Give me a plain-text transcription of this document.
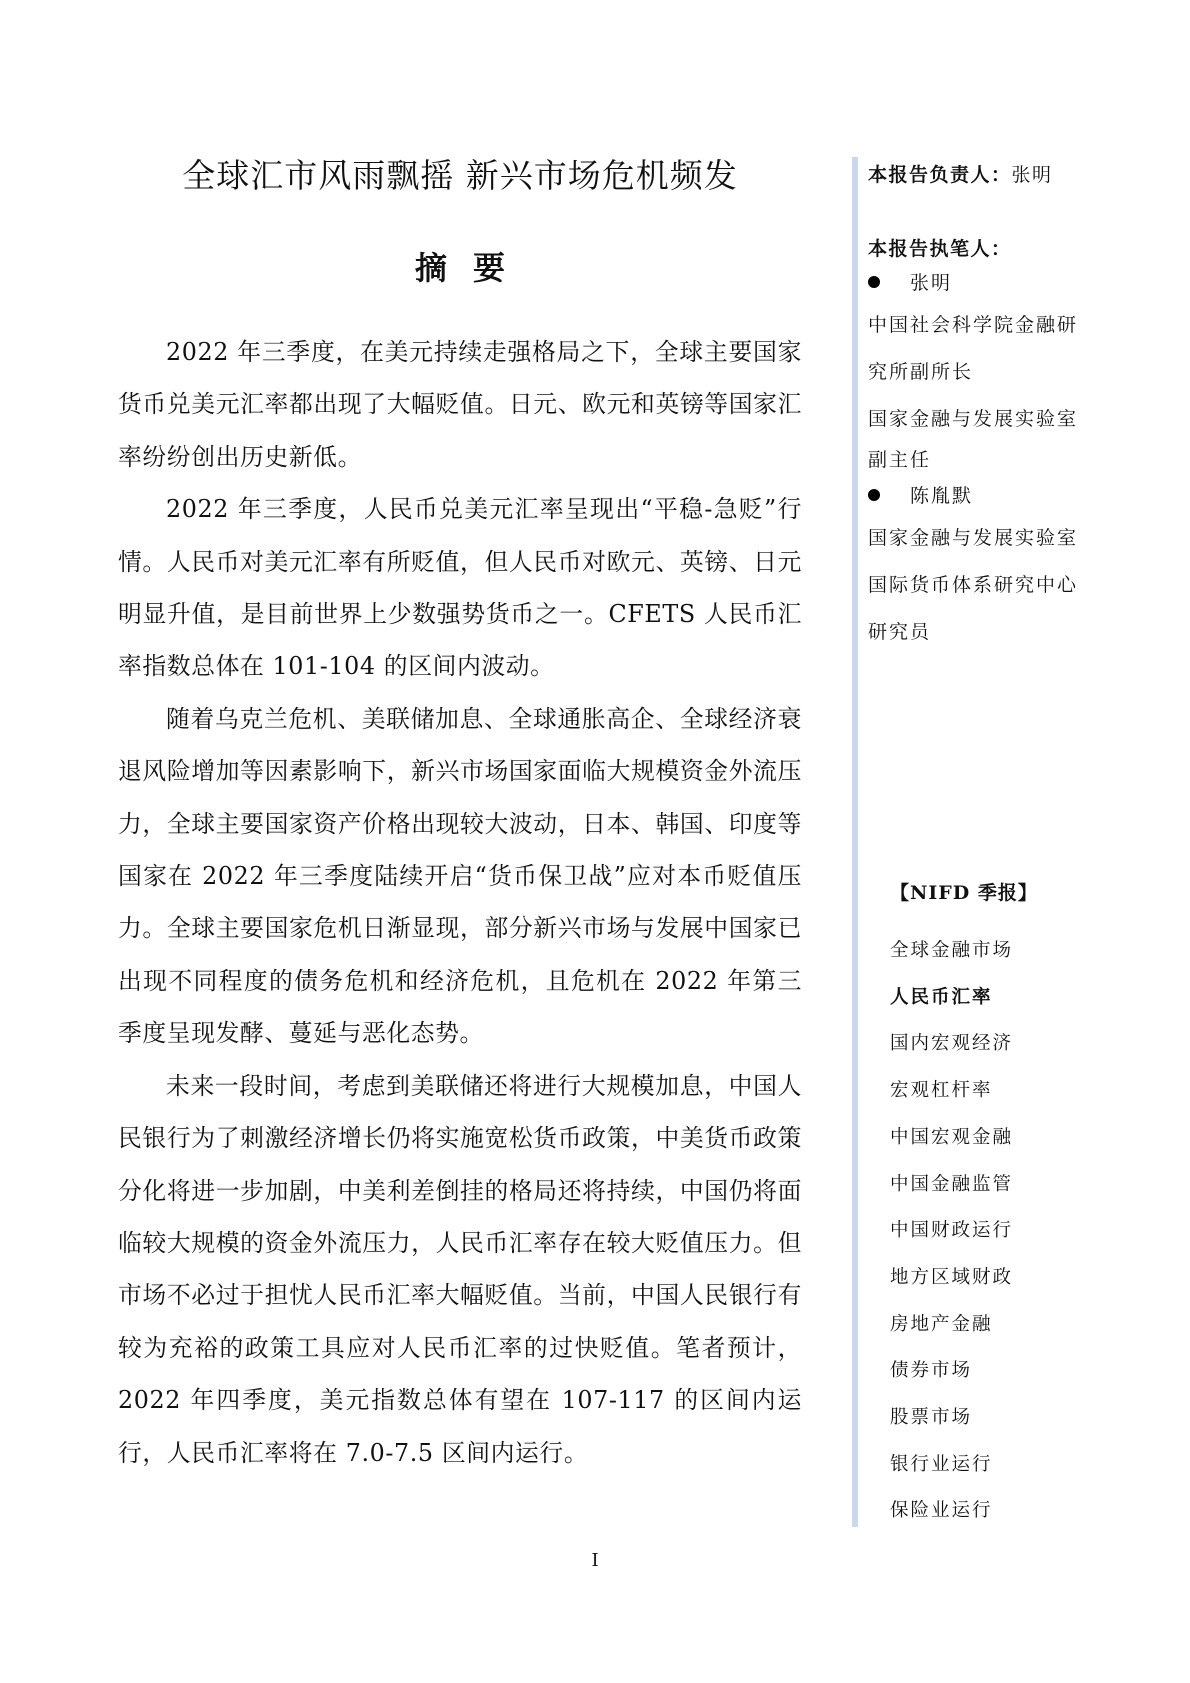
全球汇市风雨飘摇 新兴市场危机频发
摘要

2022 年三季度，在美元持续走强格局之下，全球主要国家货币兑美元汇率都出现了大幅贬值。日元、欧元和英镑等国家汇率纷纷创出历史新低。

2022 年三季度，人民币兑美元汇率呈现出“平稳-急贬”行情。人民币对美元汇率有所贬值，但人民币对欧元、英镑、日元明显升值，是目前世界上少数强势货币之一。CFETS 人民币汇率指数总体在 101-104 的区间内波动。

随着乌克兰危机、美联储加息、全球通胀高企、全球经济衰退风险增加等因素影响下，新兴市场国家面临大规模资金外流压力，全球主要国家资产价格出现较大波动，日本、韩国、印度等国家在 2022 年三季度陆续开启“货币保卫战”应对本币贬值压力。全球主要国家危机日渐显现，部分新兴市场与发展中国家已出现不同程度的债务危机和经济危机，且危机在 2022 年第三季度呈现发酵、蔓延与恶化态势。

未来一段时间，考虑到美联储还将进行大规模加息，中国人民银行为了刺激经济增长仍将实施宽松货币政策，中美货币政策分化将进一步加剧，中美利差倒挂的格局还将持续，中国仍将面临较大规模的资金外流压力，人民币汇率存在较大贬值压力。但市场不必过于担忧人民币汇率大幅贬值。当前，中国人民银行有较为充裕的政策工具应对人民币汇率的过快贬值。笔者预计，2022 年四季度，美元指数总体有望在 107-117 的区间内运行，人民币汇率将在 7.0-7.5 区间内运行。

本报告负责人：张明

本报告执笔人：

张明

中国社会科学院金融研

究所副所长

国家金融与发展实验室

副主任

陈胤默

国家金融与发展实验室

国际货币体系研究中心

研究员

【NIFD 季报】

全球金融市场

人民币汇率

国内宏观经济

宏观杠杆率

中国宏观金融

中国金融监管

中国财政运行

地方区域财政

房地产金融

债券市场

股票市场

银行业运行

保险业运行

I
